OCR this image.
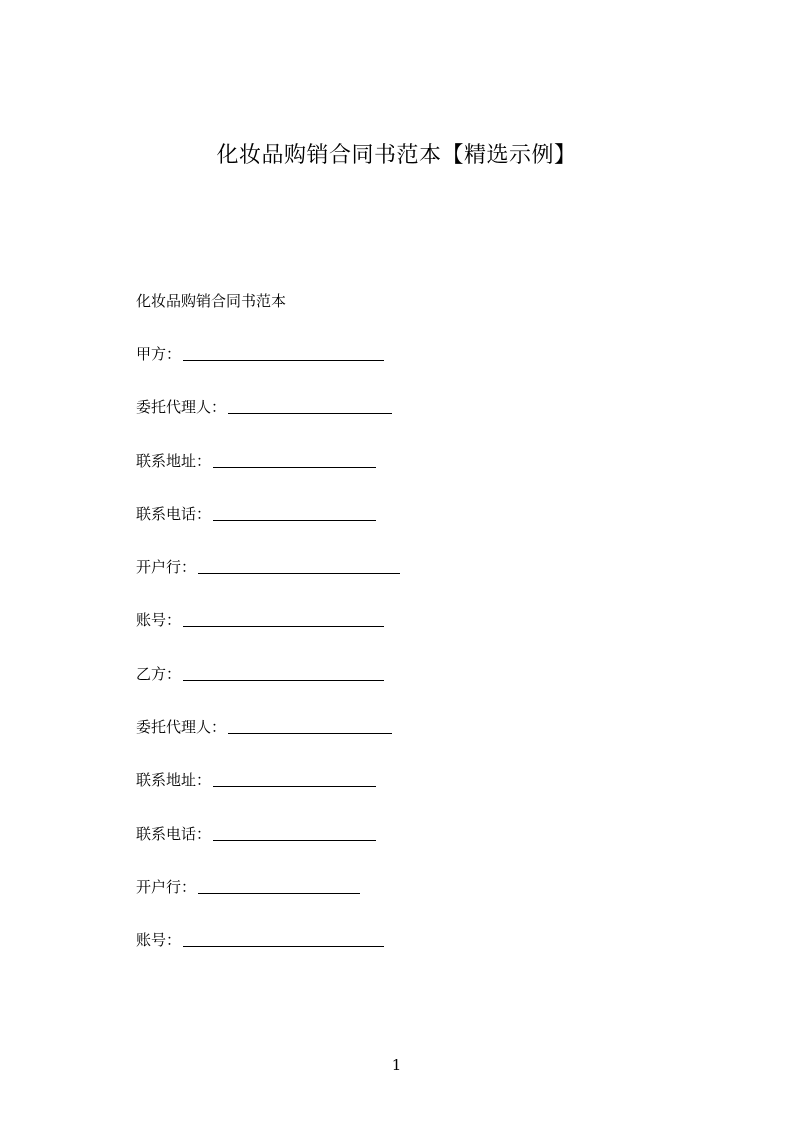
化妆品购销合同书范本【精选示例】
化妆品购销合同书范本
甲方：
委托代理人：
联系地址：
联系电话：
开户行：
账号：
乙方：
委托代理人：
联系地址：
联系电话：
开户行：
账号：
1
